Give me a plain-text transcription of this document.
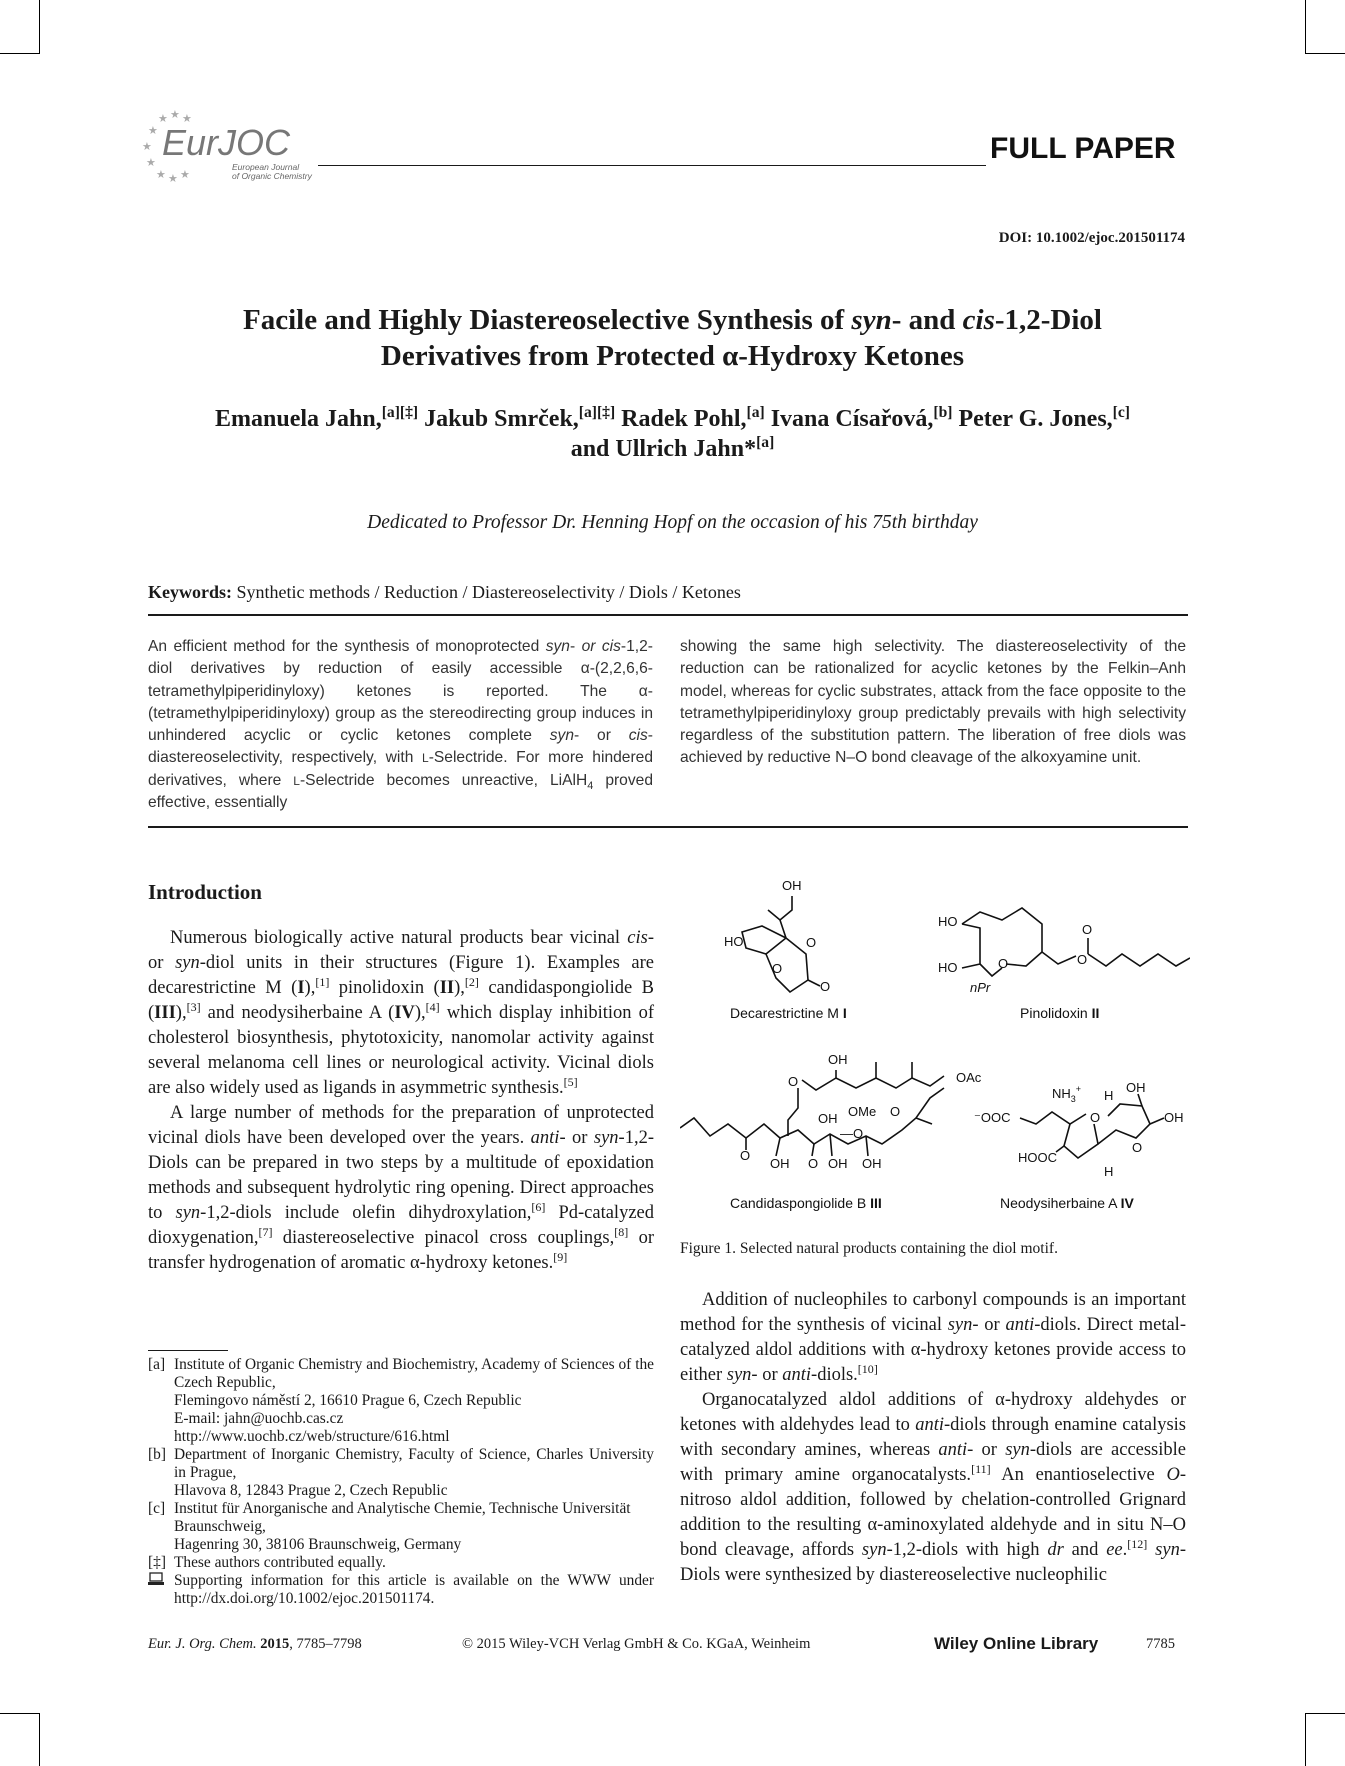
★ ★ ★
★
★
★
★ ★ ★
EurJOC
European Journal
of Organic Chemistry
FULL PAPER
DOI: 10.1002/ejoc.201501174
Facile and Highly Diastereoselective Synthesis of syn- and cis-1,2-Diol
Derivatives from Protected α-Hydroxy Ketones
Emanuela Jahn,[a][‡] Jakub Smrček,[a][‡] Radek Pohl,[a] Ivana Císařová,[b] Peter G. Jones,[c]
and Ullrich Jahn*[a]
Dedicated to Professor Dr. Henning Hopf on the occasion of his 75th birthday
Keywords: Synthetic methods / Reduction / Diastereoselectivity / Diols / Ketones
An efficient method for the synthesis of monoprotected syn- or cis-1,2-diol derivatives by reduction of easily accessible α-(2,2,6,6-tetramethylpiperidinyloxy) ketones is reported. The α-(tetramethylpiperidinyloxy) group as the stereodirecting group induces in unhindered acyclic or cyclic ketones complete syn- or cis-diastereoselectivity, respectively, with L-Selectride. For more hindered derivatives, where L-Selectride becomes unreactive, LiAlH$_4$ proved effective, essentially
showing the same high selectivity. The diastereoselectivity of the reduction can be rationalized for acyclic ketones by the Felkin–Anh model, whereas for cyclic substrates, attack from the face opposite to the tetramethylpiperidinyloxy group predictably prevails with high selectivity regardless of the substitution pattern. The liberation of free diols was achieved by reductive N–O bond cleavage of the alkoxyamine unit.
Introduction

Numerous biologically active natural products bear vicinal cis- or syn-diol units in their structures (Figure 1). Examples are decarestrictine M (I),[1] pinolidoxin (II),[2] candidaspongiolide B (III),[3] and neodysiherbaine A (IV),[4] which display inhibition of cholesterol biosynthesis, phytotoxicity, nanomolar activity against several melanoma cell lines or neurological activity. Vicinal diols are also widely used as ligands in asymmetric synthesis.[5]

A large number of methods for the preparation of unprotected vicinal diols have been developed over the years. anti- or syn-1,2-Diols can be prepared in two steps by a multitude of epoxidation methods and subsequent hydrolytic ring opening. Direct approaches to syn-1,2-diols include olefin dihydroxylation,[6] Pd-catalyzed dioxygenation,[7] diastereoselective pinacol cross couplings,[8] or transfer hydrogenation of aromatic α-hydroxy ketones.[9]

[a] Institute of Organic Chemistry and Biochemistry, Academy of Sciences of the Czech Republic,
Flemingovo náměstí 2, 16610 Prague 6, Czech Republic
E-mail: jahn@uochb.cas.cz
http://www.uochb.cz/web/structure/616.html
[b] Department of Inorganic Chemistry, Faculty of Science, Charles University in Prague,
Hlavova 8, 12843 Prague 2, Czech Republic
[c] Institut für Anorganische and Analytische Chemie, Technische Universität Braunschweig,
Hagenring 30, 38106 Braunschweig, Germany
[‡] These authors contributed equally.
Supporting information for this article is available on the WWW under http://dx.doi.org/10.1002/ejoc.201501174.
OH
HO
O
O
O
HO
HO	O	O
O
nPr
Decarestrictine M I	Pinolidoxin II
OH
O	OAc
OMe O
OH
—O
OH O OH OH
O
Candidaspongiolide B III
$NH_3^+$
⁻OOC
HOOC
H
H
OH
OH
O
O
Neodysiherbaine A IV
Figure 1. Selected natural products containing the diol motif.

Addition of nucleophiles to carbonyl compounds is an important method for the synthesis of vicinal syn- or anti-diols. Direct metal-catalyzed aldol additions with α-hydroxy ketones provide access to either syn- or anti-diols.[10]

Organocatalyzed aldol additions of α-hydroxy aldehydes or ketones with aldehydes lead to anti-diols through enamine catalysis with secondary amines, whereas anti- or syn-diols are accessible with primary amine organocatalysts.[11] An enantioselective O-nitroso aldol addition, followed by chelation-controlled Grignard addition to the resulting α-aminoxylated aldehyde and in situ N–O bond cleavage, affords syn-1,2-diols with high dr and ee.[12] syn-Diols were synthesized by diastereoselective nucleophilic

Eur. J. Org. Chem. 2015, 7785–7798	© 2015 Wiley-VCH Verlag GmbH & Co. KGaA, Weinheim	Wiley Online Library	7785
